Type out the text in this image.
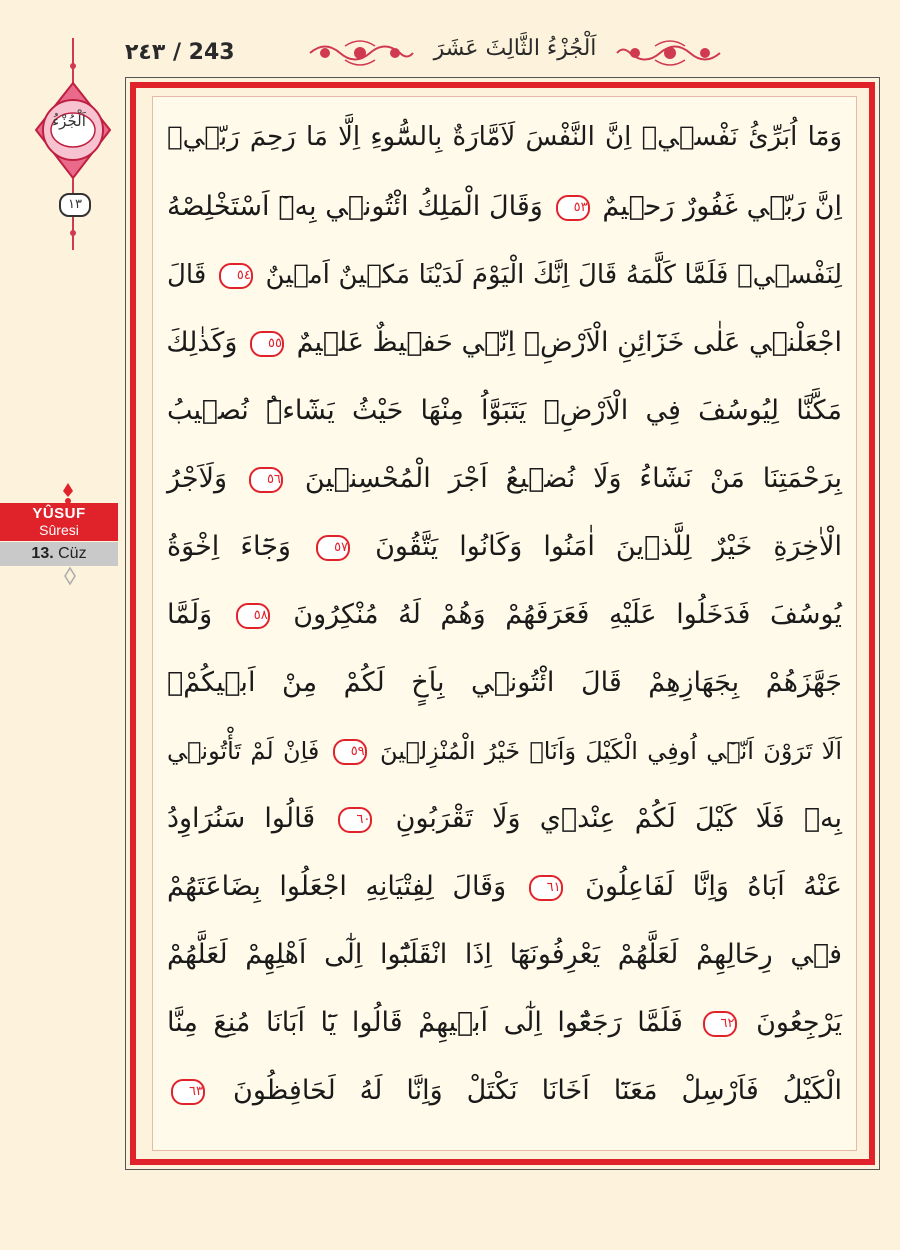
٢٤٣ / 243	اَلْجُزْءُ الثَّالِثَ عَشَرَ
اَلْجُزْءُ
١٣
YÛSUF
Sûresi
13. Cüz
وَمَٓا اُبَرِّئُ نَفْس۪يۚ اِنَّ النَّفْسَ لَاَمَّارَةٌ بِالسُّٓوءِ اِلَّا مَا رَحِمَ رَبّ۪يۜ
اِنَّ رَبّ۪ي غَفُورٌ رَح۪يمٌ ٥٣ وَقَالَ الْمَلِكُ ائْتُون۪ي بِه۪ٓ اَسْتَخْلِصْهُ
لِنَفْس۪يۚ فَلَمَّا كَلَّمَهُ قَالَ اِنَّكَ الْيَوْمَ لَدَيْنَا مَك۪ينٌ اَم۪ينٌ ٥٤ قَالَ
اجْعَلْن۪ي عَلٰى خَزَٓائِنِ الْاَرْضِۚ اِنّ۪ي حَف۪يظٌ عَل۪يمٌ ٥٥ وَكَذٰلِكَ
مَكَّنَّا لِيُوسُفَ فِي الْاَرْضِۚ يَتَبَوَّاُ مِنْهَا حَيْثُ يَشَٓاءُۜ نُص۪يبُ
بِرَحْمَتِنَا مَنْ نَشَٓاءُ وَلَا نُض۪يعُ اَجْرَ الْمُحْسِن۪ينَ ٥٦ وَلَاَجْرُ
الْاٰخِرَةِ خَيْرٌ لِلَّذ۪ينَ اٰمَنُوا وَكَانُوا يَتَّقُونَ ٥٧ وَجَٓاءَ اِخْوَةُ
يُوسُفَ فَدَخَلُوا عَلَيْهِ فَعَرَفَهُمْ وَهُمْ لَهُ مُنْكِرُونَ ٥٨ وَلَمَّا
جَهَّزَهُمْ بِجَهَازِهِمْ قَالَ ائْتُون۪ي بِاَخٍ لَكُمْ مِنْ اَب۪يكُمْۚ
اَلَا تَرَوْنَ اَنّ۪ٓي اُوفِي الْكَيْلَ وَاَنَا۬ خَيْرُ الْمُنْزِل۪ينَ ٥٩ فَاِنْ لَمْ تَأْتُون۪ي
بِه۪ فَلَا كَيْلَ لَكُمْ عِنْد۪ي وَلَا تَقْرَبُونِ ٦٠ قَالُوا سَنُرَاوِدُ
عَنْهُ اَبَاهُ وَاِنَّا لَفَاعِلُونَ ٦١ وَقَالَ لِفِتْيَانِهِ اجْعَلُوا بِضَاعَتَهُمْ
ف۪ي رِحَالِهِمْ لَعَلَّهُمْ يَعْرِفُونَهَٓا اِذَا انْقَلَبُٓوا اِلٰٓى اَهْلِهِمْ لَعَلَّهُمْ
يَرْجِعُونَ ٦٢ فَلَمَّا رَجَعُٓوا اِلٰٓى اَب۪يهِمْ قَالُوا يَٓا اَبَانَا مُنِعَ مِنَّا
الْكَيْلُ فَاَرْسِلْ مَعَنَٓا اَخَانَا نَكْتَلْ وَاِنَّا لَهُ لَحَافِظُونَ ٦٣
